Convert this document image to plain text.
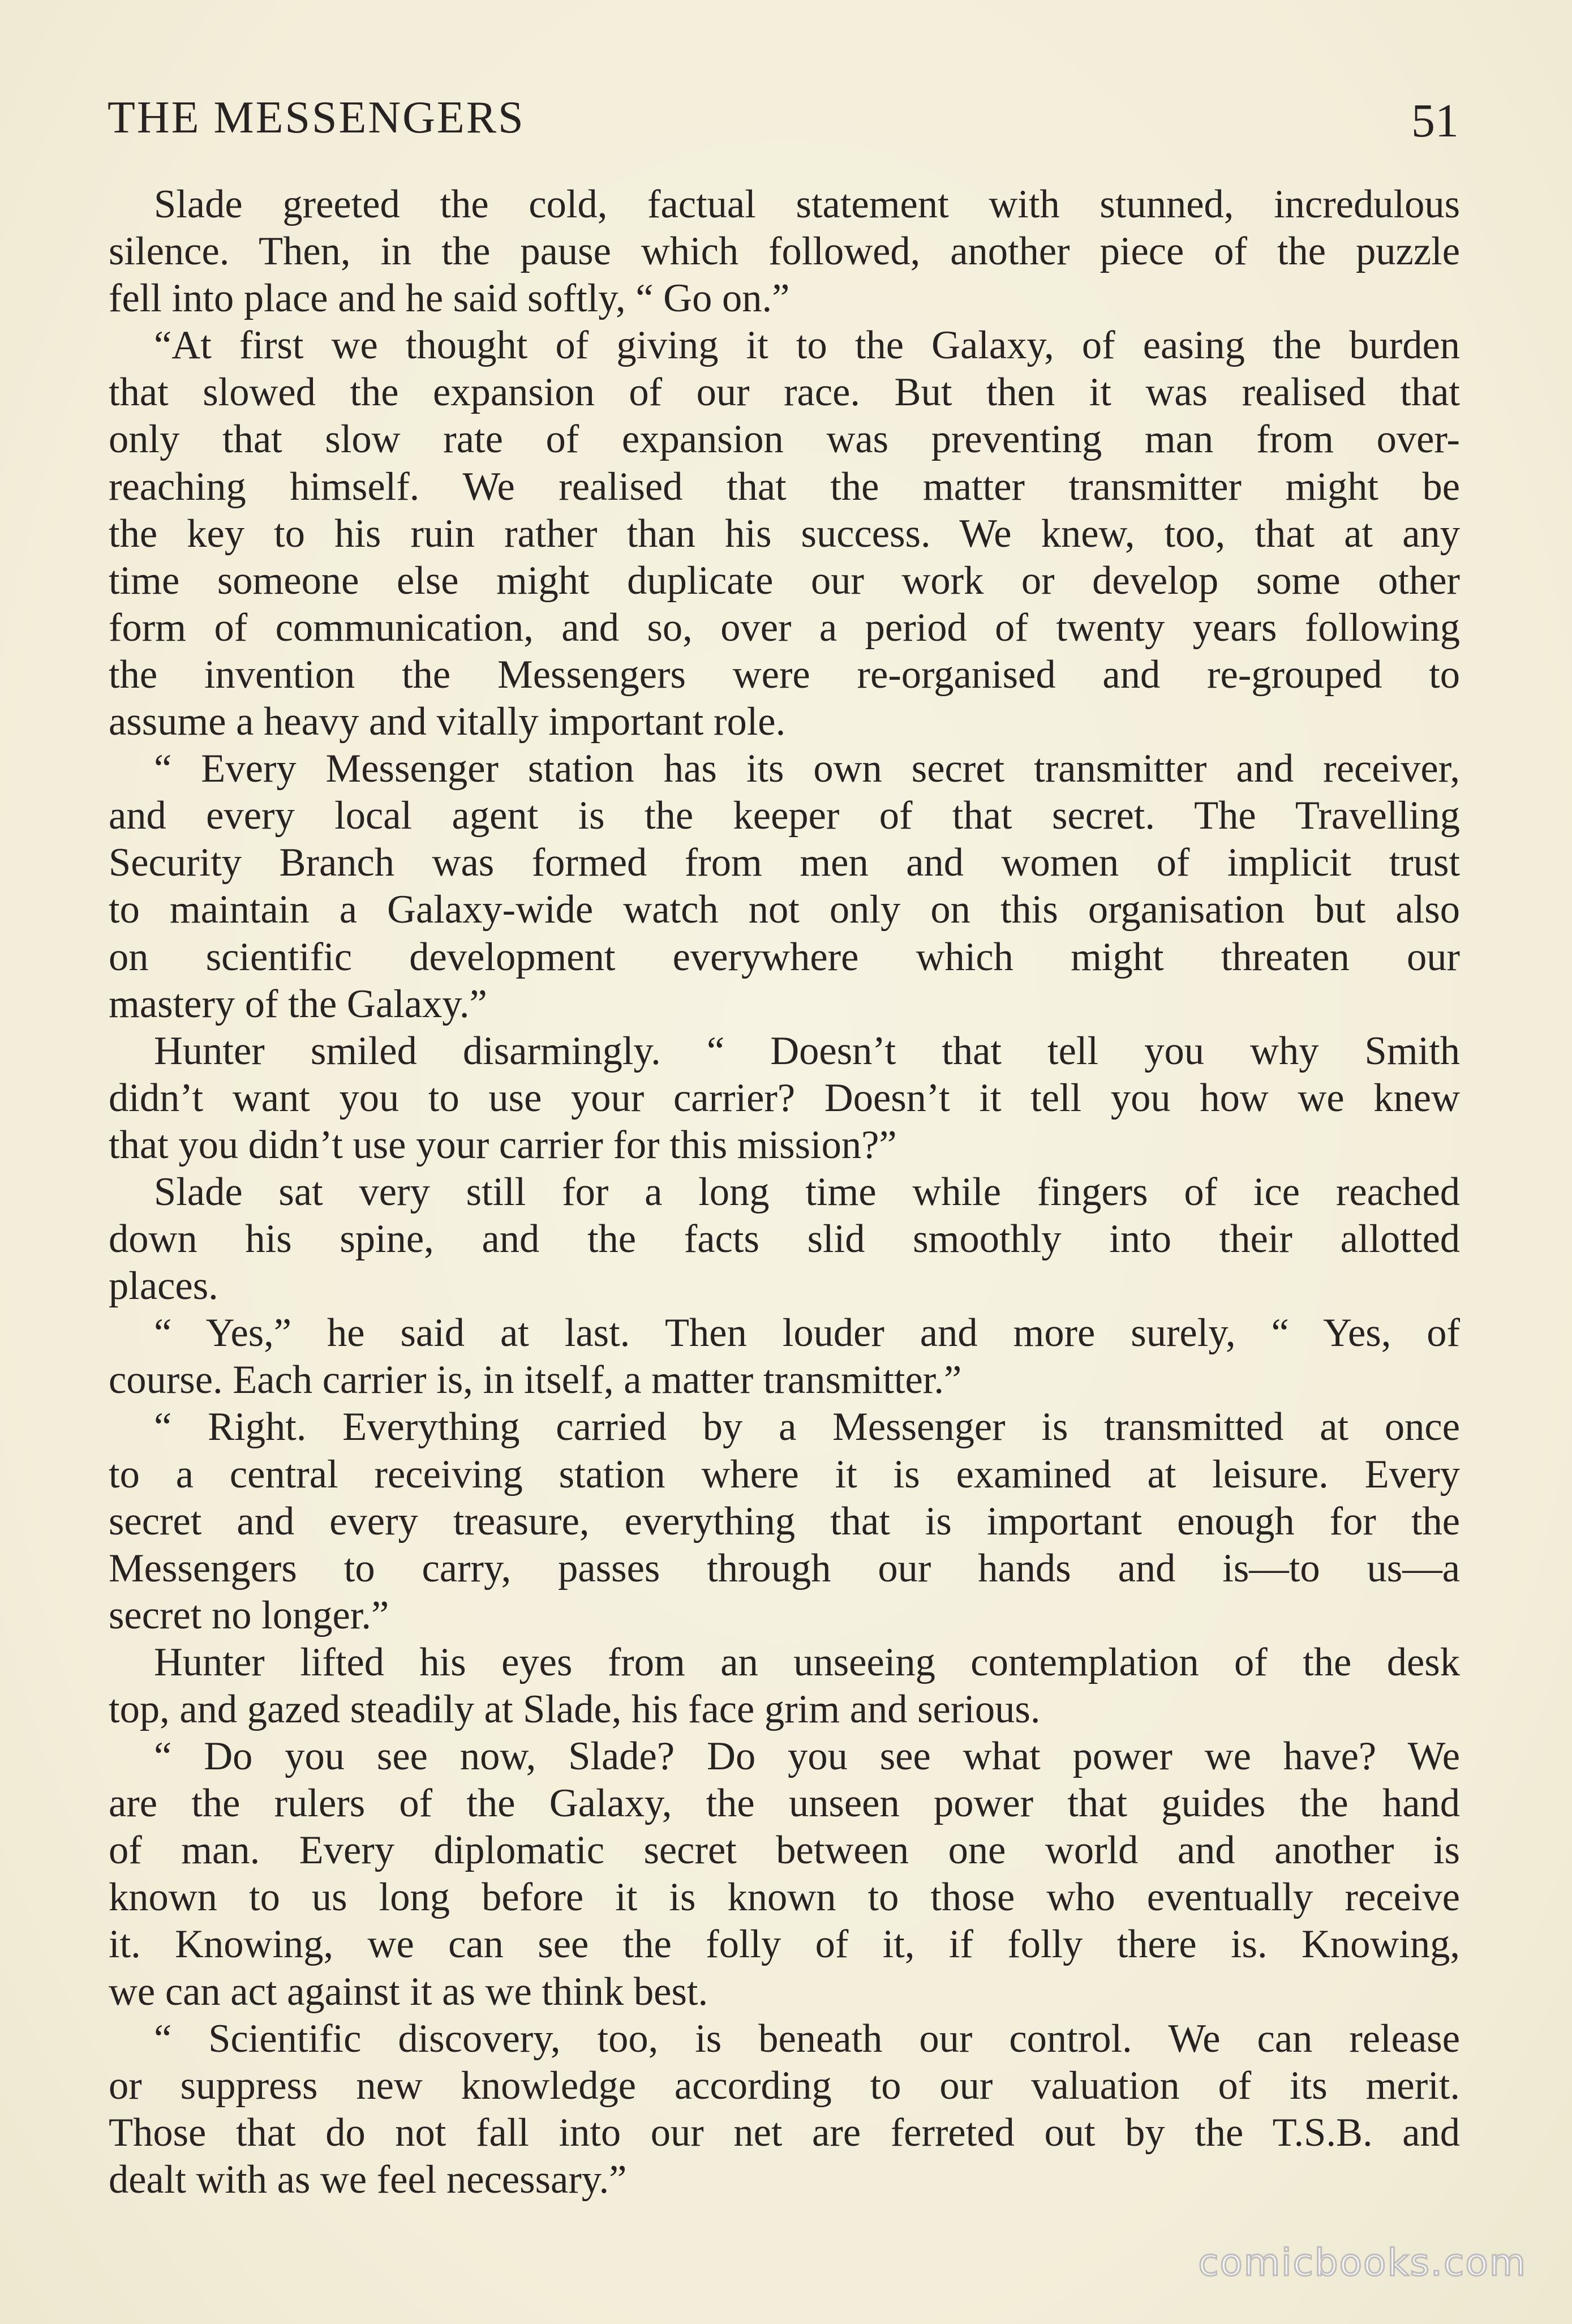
THE MESSENGERS	51

Slade greeted the cold, factual statement with stunned, incredulous
silence. Then, in the pause which followed, another piece of the puzzle
fell into place and he said softly, “ Go on.”

“At first we thought of giving it to the Galaxy, of easing the burden
that slowed the expansion of our race. But then it was realised that
only that slow rate of expansion was preventing man from over-
reaching himself. We realised that the matter transmitter might be
the key to his ruin rather than his success. We knew, too, that at any
time someone else might duplicate our work or develop some other
form of communication, and so, over a period of twenty years following
the invention the Messengers were re-organised and re-grouped to
assume a heavy and vitally important role.

“ Every Messenger station has its own secret transmitter and receiver,
and every local agent is the keeper of that secret. The Travelling
Security Branch was formed from men and women of implicit trust
to maintain a Galaxy-wide watch not only on this organisation but also
on scientific development everywhere which might threaten our
mastery of the Galaxy.”

Hunter smiled disarmingly. “ Doesn’t that tell you why Smith
didn’t want you to use your carrier? Doesn’t it tell you how we knew
that you didn’t use your carrier for this mission?”

Slade sat very still for a long time while fingers of ice reached
down his spine, and the facts slid smoothly into their allotted
places.

“ Yes,” he said at last. Then louder and more surely, “ Yes, of
course. Each carrier is, in itself, a matter transmitter.”

“ Right. Everything carried by a Messenger is transmitted at once
to a central receiving station where it is examined at leisure. Every
secret and every treasure, everything that is important enough for the
Messengers to carry, passes through our hands and is—to us—a
secret no longer.”

Hunter lifted his eyes from an unseeing contemplation of the desk
top, and gazed steadily at Slade, his face grim and serious.

“ Do you see now, Slade? Do you see what power we have? We
are the rulers of the Galaxy, the unseen power that guides the hand
of man. Every diplomatic secret between one world and another is
known to us long before it is known to those who eventually receive
it. Knowing, we can see the folly of it, if folly there is. Knowing,
we can act against it as we think best.

“ Scientific discovery, too, is beneath our control. We can release
or suppress new knowledge according to our valuation of its merit.
Those that do not fall into our net are ferreted out by the T.S.B. and
dealt with as we feel necessary.”

comicbooks.com
